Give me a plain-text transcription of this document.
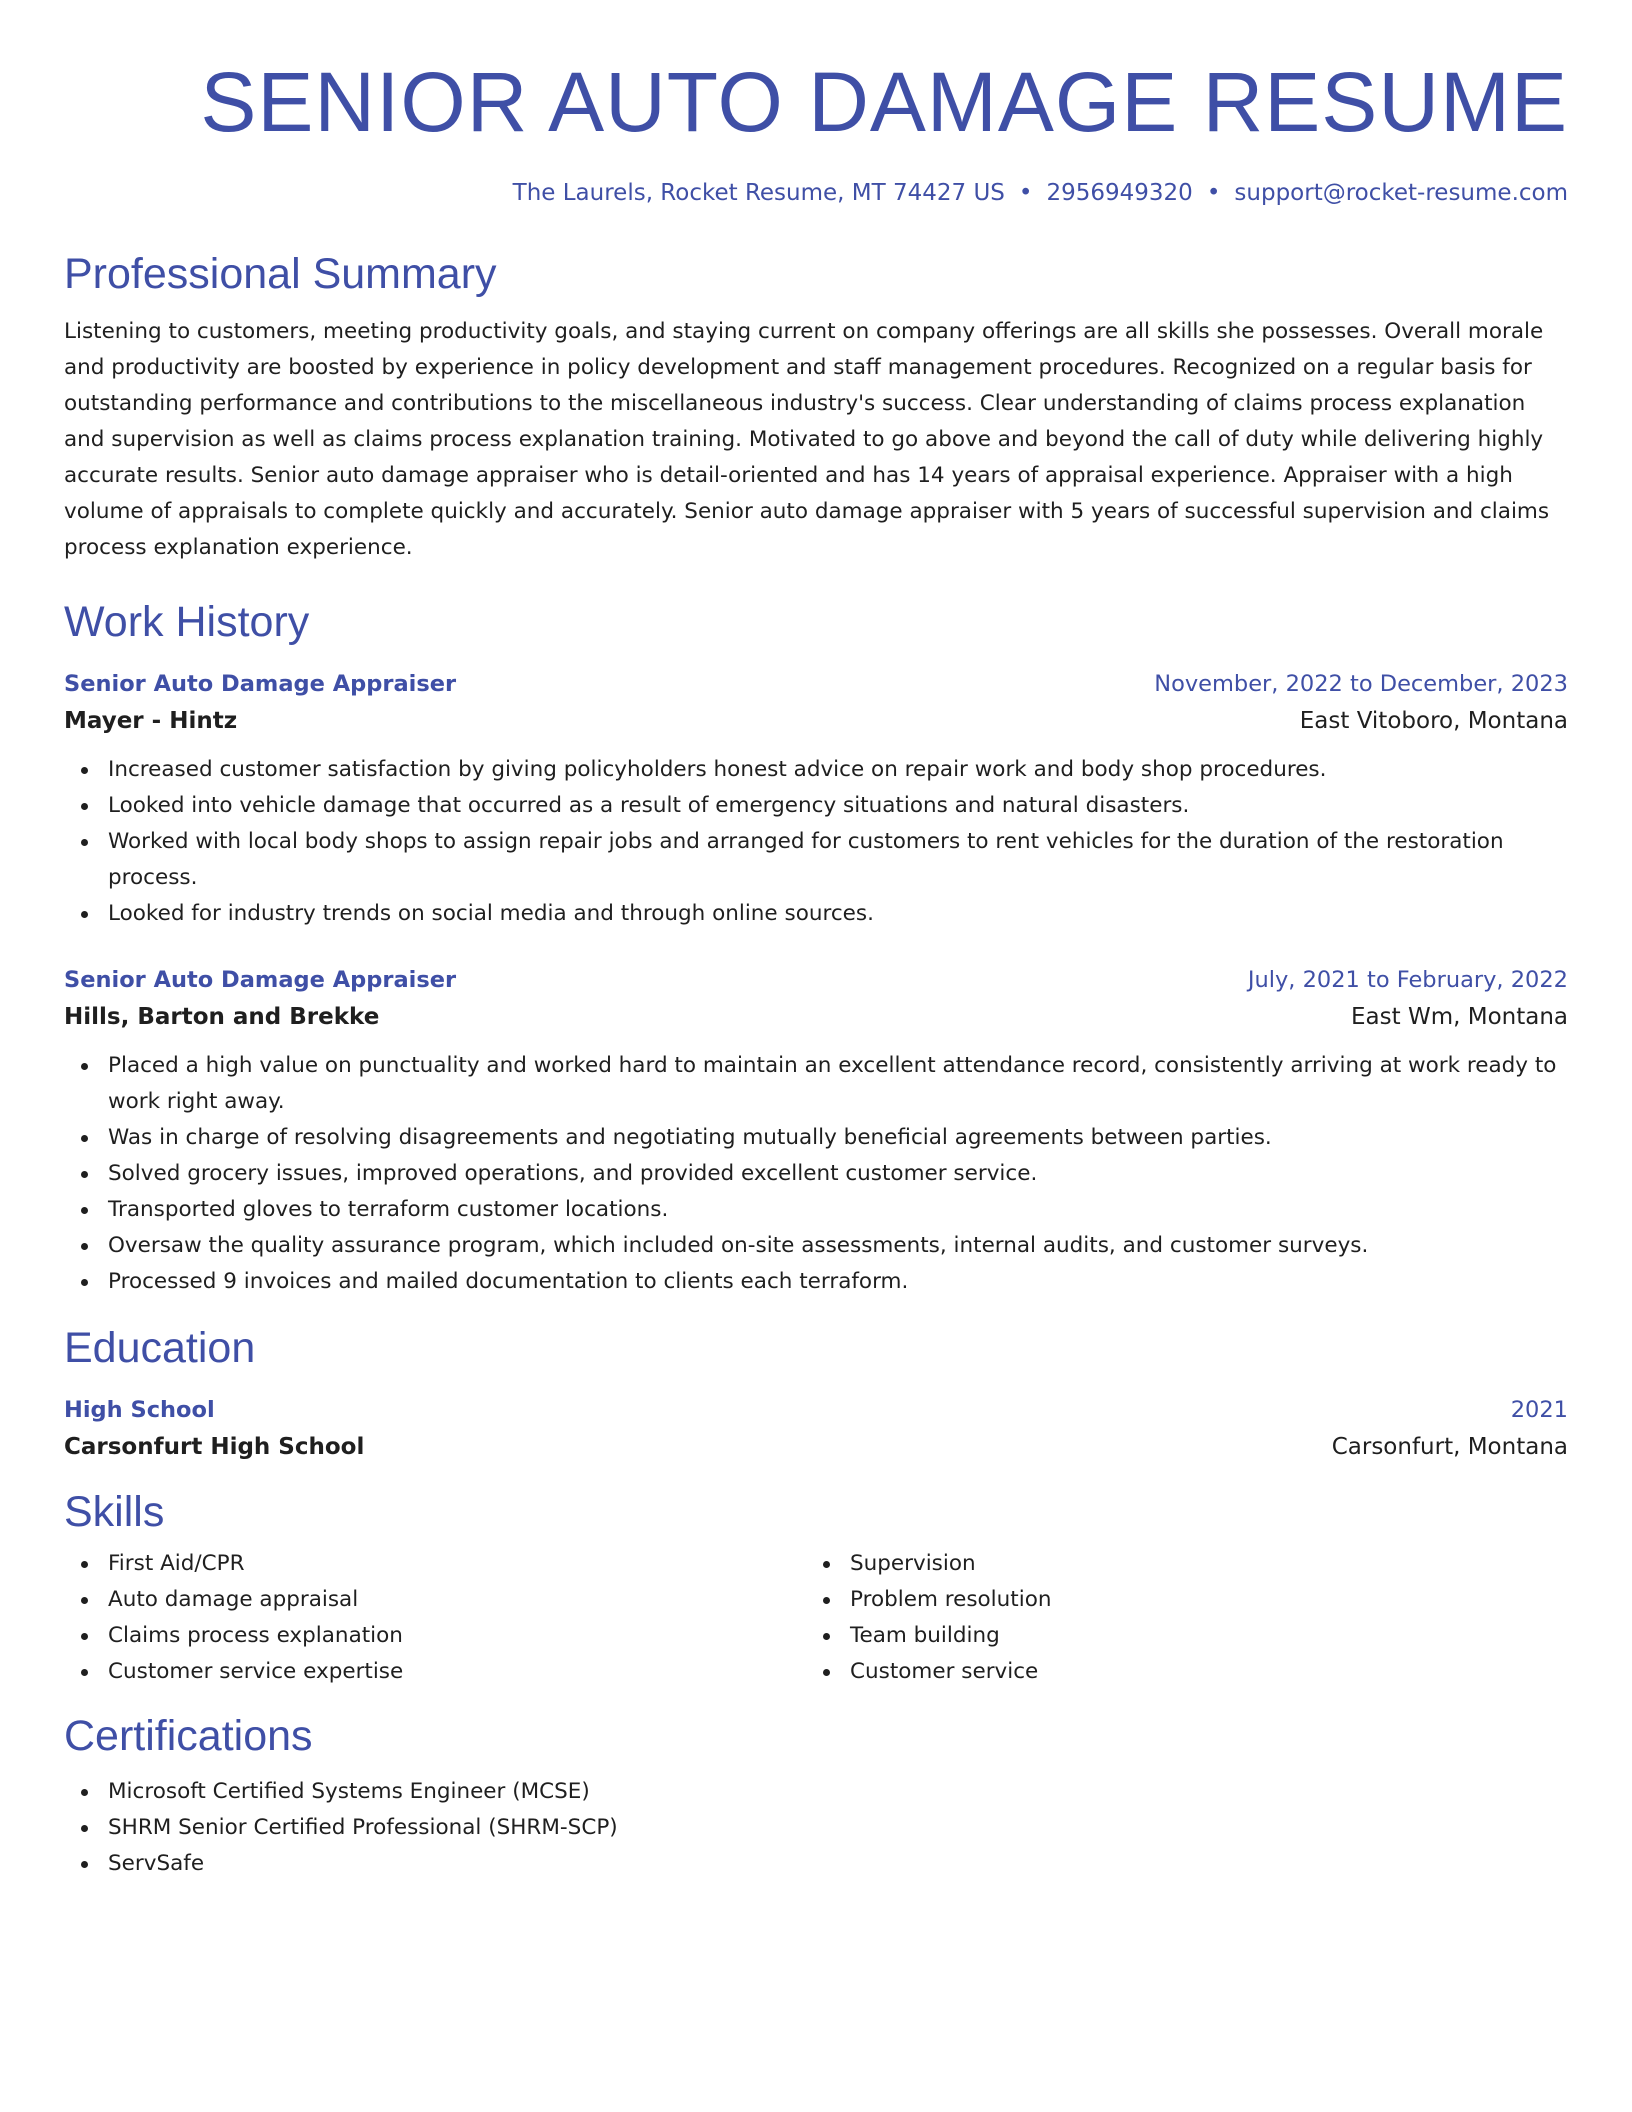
SENIOR AUTO DAMAGE RESUME
The Laurels, Rocket Resume, MT 74427 US • 2956949320 • support@rocket-resume.com
Professional Summary
Listening to customers, meeting productivity goals, and staying current on company offerings are all skills she possesses. Overall morale and productivity are boosted by experience in policy development and staff management procedures. Recognized on a regular basis for outstanding performance and contributions to the miscellaneous industry's success. Clear understanding of claims process explanation and supervision as well as claims process explanation training. Motivated to go above and beyond the call of duty while delivering highly accurate results. Senior auto damage appraiser who is detail-oriented and has 14 years of appraisal experience. Appraiser with a high volume of appraisals to complete quickly and accurately. Senior auto damage appraiser with 5 years of successful supervision and claims process explanation experience.
Work History
Senior Auto Damage Appraiser	November, 2022 to December, 2023
Mayer - Hintz	East Vitoboro, Montana
Increased customer satisfaction by giving policyholders honest advice on repair work and body shop procedures.
Looked into vehicle damage that occurred as a result of emergency situations and natural disasters.
Worked with local body shops to assign repair jobs and arranged for customers to rent vehicles for the duration of the restoration process.
Looked for industry trends on social media and through online sources.
Senior Auto Damage Appraiser	July, 2021 to February, 2022
Hills, Barton and Brekke	East Wm, Montana
Placed a high value on punctuality and worked hard to maintain an excellent attendance record, consistently arriving at work ready to work right away.
Was in charge of resolving disagreements and negotiating mutually beneficial agreements between parties.
Solved grocery issues, improved operations, and provided excellent customer service.
Transported gloves to terraform customer locations.
Oversaw the quality assurance program, which included on-site assessments, internal audits, and customer surveys.
Processed 9 invoices and mailed documentation to clients each terraform.
Education
High School	2021
Carsonfurt High School	Carsonfurt, Montana
Skills
First Aid/CPR
Auto damage appraisal
Claims process explanation
Customer service expertise
Supervision
Problem resolution
Team building
Customer service
Certifications
Microsoft Certified Systems Engineer (MCSE)
SHRM Senior Certified Professional (SHRM-SCP)
ServSafe
